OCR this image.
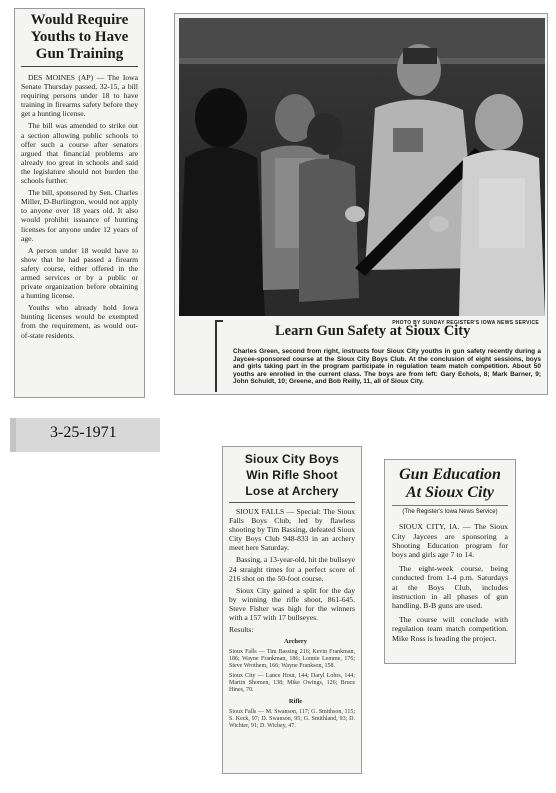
Would Require Youths to Have Gun Training

DES MOINES (AP) — The Iowa Senate Thursday passed, 32-15, a bill requiring persons under 18 to have training in firearms safety before they get a hunting license.

The bill was amended to strike out a section allowing public schools to offer such a course after senators argued that financial problems are already too great in schools and said the legislature should not burden the schools further.

The bill, sponsored by Sen. Charles Miller, D-Burlington, would not apply to anyone over 18 years old. It also would prohibit issuance of hunting licenses for anyone under 12 years of age.

A person under 18 would have to show that he had passed a firearm safety course, either offered in the armed services or by a public or private organization before obtaining a hunting license.

Youths who already hold Iowa hunting licenses would be exempted from the requirement, as would out-of-state residents.

PHOTO BY SUNDAY REGISTER'S IOWA NEWS SERVICE
Learn Gun Safety at Sioux City
Charles Green, second from right, instructs four Sioux City youths in gun safety recently during a Jaycee-sponsored course at the Sioux City Boys Club. At the conclusion of eight sessions, boys and girls taking part in the program participate in regulation team match competition. About 50 youths are enrolled in the current class. The boys are from left: Gary Echols, 8; Mark Barner, 9; John Schuldt, 10; Greene, and Bob Reilly, 11, all of Sioux City.
3-25-1971
Sioux City Boys
Win Rifle Shoot
Lose at Archery

SIOUX FALLS — Special: The Sioux Falls Boys Club, led by flawless shooting by Tim Bassing, defeated Sioux City Boys Club 948-833 in an archery meet here Saturday.

Bassing, a 13-year-old, hit the bullseye 24 straight times for a perfect score of 216 shot on the 50-foot course.

Sioux City gained a split for the day by winning the rifle shoot, 861-645. Steve Fisher was high for the winners with a 157 with 17 bullseyes.

Results:

Archery

Sioux Falls — Tim Bassing 216; Kevin Frankman, 186; Wayne Frankman, 186; Lonnie Lemme, 176; Steve Wrothem, 166; Wayne Frankson, 158.

Sioux City — Lance Hout, 144; Daryl Lohrs, 144; Martin Shomen, 138; Mike Owings, 126; Bruce Hines, 70.

Rifle

Sioux Falls — M. Swanson, 117; G. Smithson, 115; S. Keck, 97; D. Swanson, 95; G. Smithland, 93; D. Wichter, 91; D. Wichey, 47.

Gun Education
At Sioux City
(The Register's Iowa News Service)

SIOUX CITY, IA. — The Sioux City Jaycees are sponsoring a Shooting Education program for boys and girls age 7 to 14.

The eight-week course, being conducted from 1-4 p.m. Saturdays at the Boys Club, includes instruction in all phases of gun handling. B-B guns are used.

The course will conclude with regulation team match competition. Mike Ross is heading the project.
